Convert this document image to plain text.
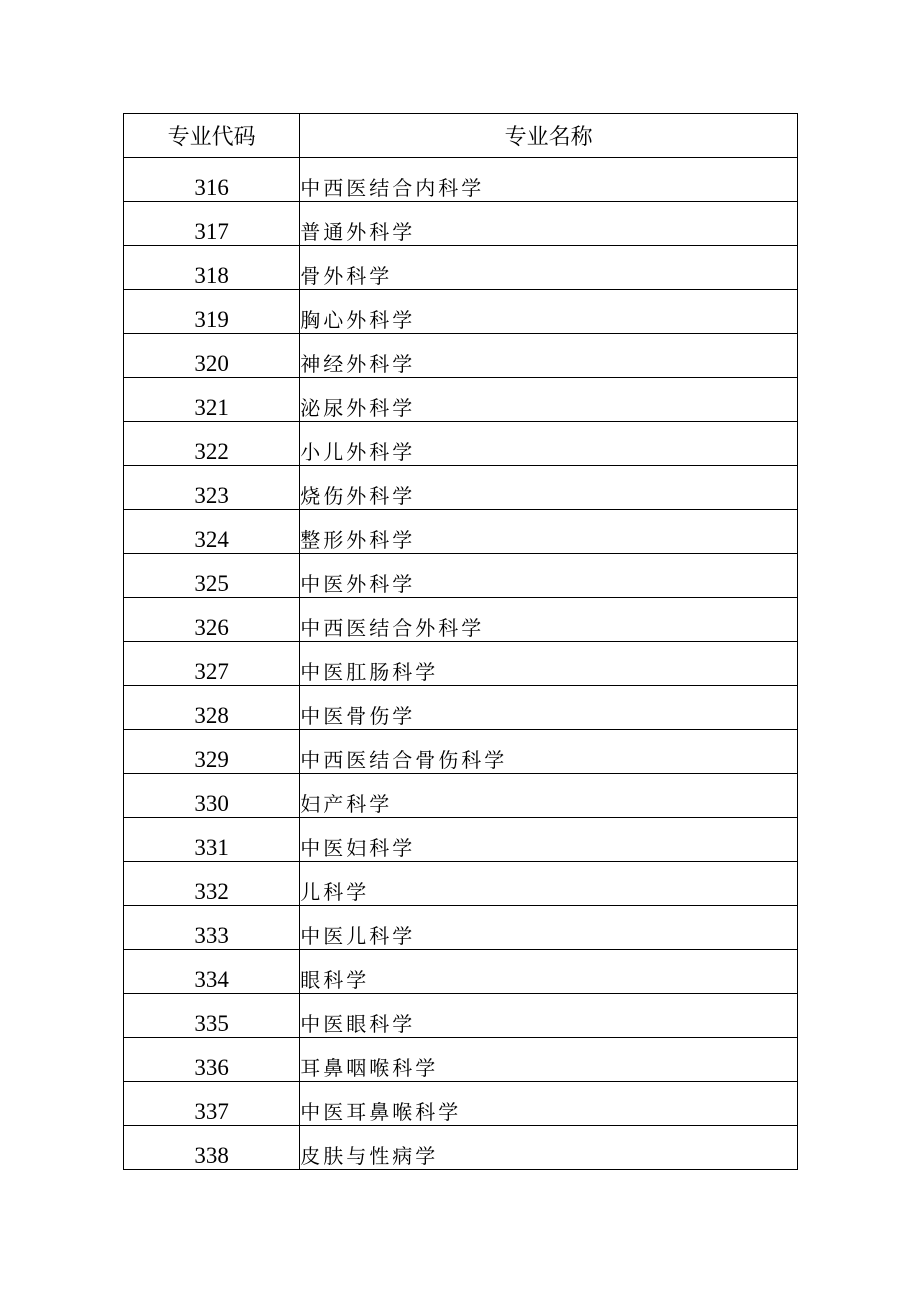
专业代码	专业名称
316	中西医结合内科学
317	普通外科学
318	骨外科学
319	胸心外科学
320	神经外科学
321	泌尿外科学
322	小儿外科学
323	烧伤外科学
324	整形外科学
325	中医外科学
326	中西医结合外科学
327	中医肛肠科学
328	中医骨伤学
329	中西医结合骨伤科学
330	妇产科学
331	中医妇科学
332	儿科学
333	中医儿科学
334	眼科学
335	中医眼科学
336	耳鼻咽喉科学
337	中医耳鼻喉科学
338	皮肤与性病学
